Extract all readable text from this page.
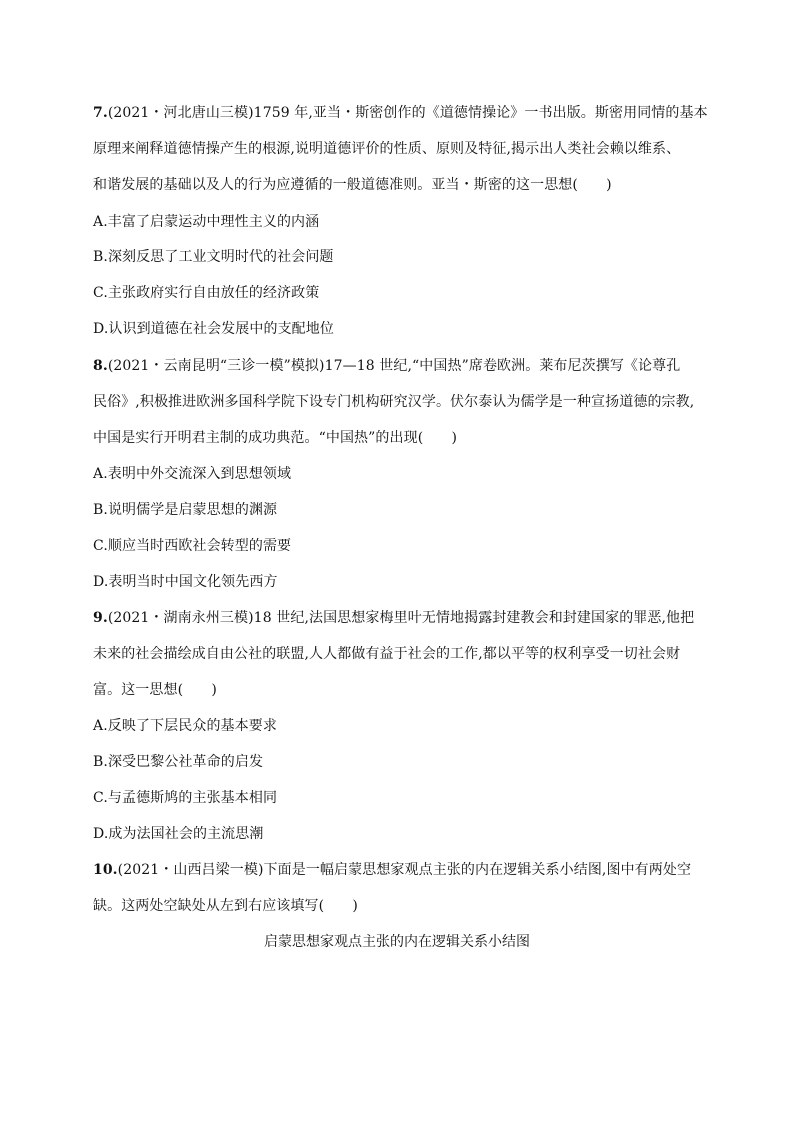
7.(2021・河北唐山三模)1759 年,亚当・斯密创作的《道德情操论》一书出版。斯密用同情的基本
原理来阐释道德情操产生的根源,说明道德评价的性质、原则及特征,揭示出人类社会赖以维系、
和谐发展的基础以及人的行为应遵循的一般道德准则。亚当・斯密的这一思想(　　)
A.丰富了启蒙运动中理性主义的内涵
B.深刻反思了工业文明时代的社会问题
C.主张政府实行自由放任的经济政策
D.认识到道德在社会发展中的支配地位
8.(2021・云南昆明“三诊一模”模拟)17—18 世纪,“中国热”席卷欧洲。莱布尼茨撰写《论尊孔
民俗》,积极推进欧洲多国科学院下设专门机构研究汉学。伏尔泰认为儒学是一种宣扬道德的宗教,
中国是实行开明君主制的成功典范。“中国热”的出现(　　)
A.表明中外交流深入到思想领域
B.说明儒学是启蒙思想的渊源
C.顺应当时西欧社会转型的需要
D.表明当时中国文化领先西方
9.(2021・湖南永州三模)18 世纪,法国思想家梅里叶无情地揭露封建教会和封建国家的罪恶,他把
未来的社会描绘成自由公社的联盟,人人都做有益于社会的工作,都以平等的权利享受一切社会财
富。这一思想(　　)
A.反映了下层民众的基本要求
B.深受巴黎公社革命的启发
C.与孟德斯鸠的主张基本相同
D.成为法国社会的主流思潮
10.(2021・山西吕梁一模)下面是一幅启蒙思想家观点主张的内在逻辑关系小结图,图中有两处空
缺。这两处空缺处从左到右应该填写(　　)
启蒙思想家观点主张的内在逻辑关系小结图
